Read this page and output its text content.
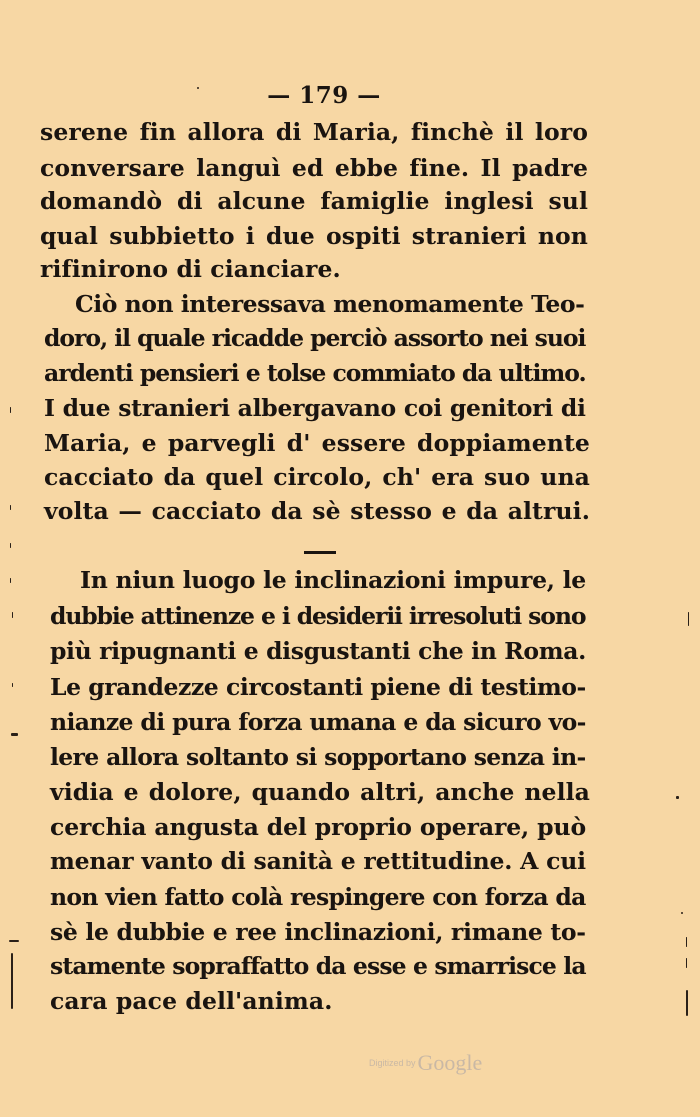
— 179 —
serene fin allora di Maria, finchè il loro
conversare languì ed ebbe fine. Il padre
domandò di alcune famiglie inglesi sul
qual subbietto i due ospiti stranieri non
rifinirono di cianciare.
Ciò non interessava menomamente Teo-
doro, il quale ricadde perciò assorto nei suoi
ardenti pensieri e tolse commiato da ultimo.
I due stranieri albergavano coi genitori di
Maria, e parvegli d' essere doppiamente
cacciato da quel circolo, ch' era suo una
volta — cacciato da sè stesso e da altrui.
In niun luogo le inclinazioni impure, le
dubbie attinenze e i desiderii irresoluti sono
più ripugnanti e disgustanti che in Roma.
Le grandezze circostanti piene di testimo-
nianze di pura forza umana e da sicuro vo-
lere allora soltanto si sopportano senza in-
vidia e dolore, quando altri, anche nella
cerchia angusta del proprio operare, può
menar vanto di sanità e rettitudine. A cui
non vien fatto colà respingere con forza da
sè le dubbie e ree inclinazioni, rimane to-
stamente sopraffatto da esse e smarrisce la
cara pace dell'anima.
Digitized byGoogle
